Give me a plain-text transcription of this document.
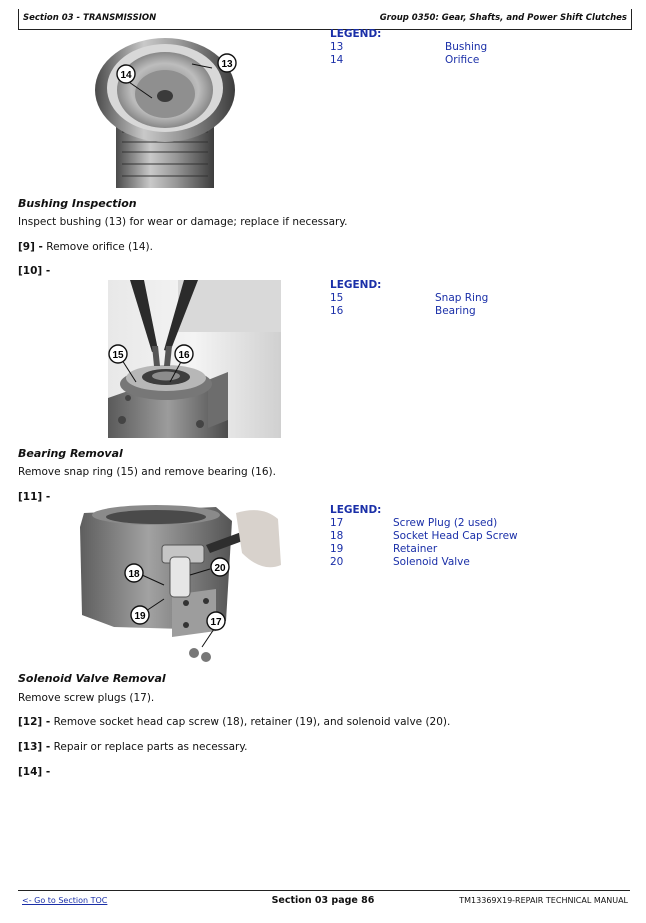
Section 03 - TRANSMISSION	Group 0350: Gear, Shafts, and Power Shift Clutches
14
13
LEGEND:
13	Bushing
14	Orifice
Bushing Inspection
Inspect bushing (13) for wear or damage; replace if necessary.
[9] - Remove orifice (14).
[10] -
15	16
LEGEND:
15	Snap Ring
16	Bearing
Bearing Removal
Remove snap ring (15) and remove bearing (16).
[11] -
18
20
19
17
LEGEND:
17	Screw Plug (2 used)
18	Socket Head Cap Screw
19	Retainer
20	Solenoid Valve
Solenoid Valve Removal
Remove screw plugs (17).
[12] - Remove socket head cap screw (18), retainer (19), and solenoid valve (20).
[13] - Repair or replace parts as necessary.
[14] -
<- Go to Section TOC	Section 03 page 86	TM13369X19-REPAIR TECHNICAL MANUAL
